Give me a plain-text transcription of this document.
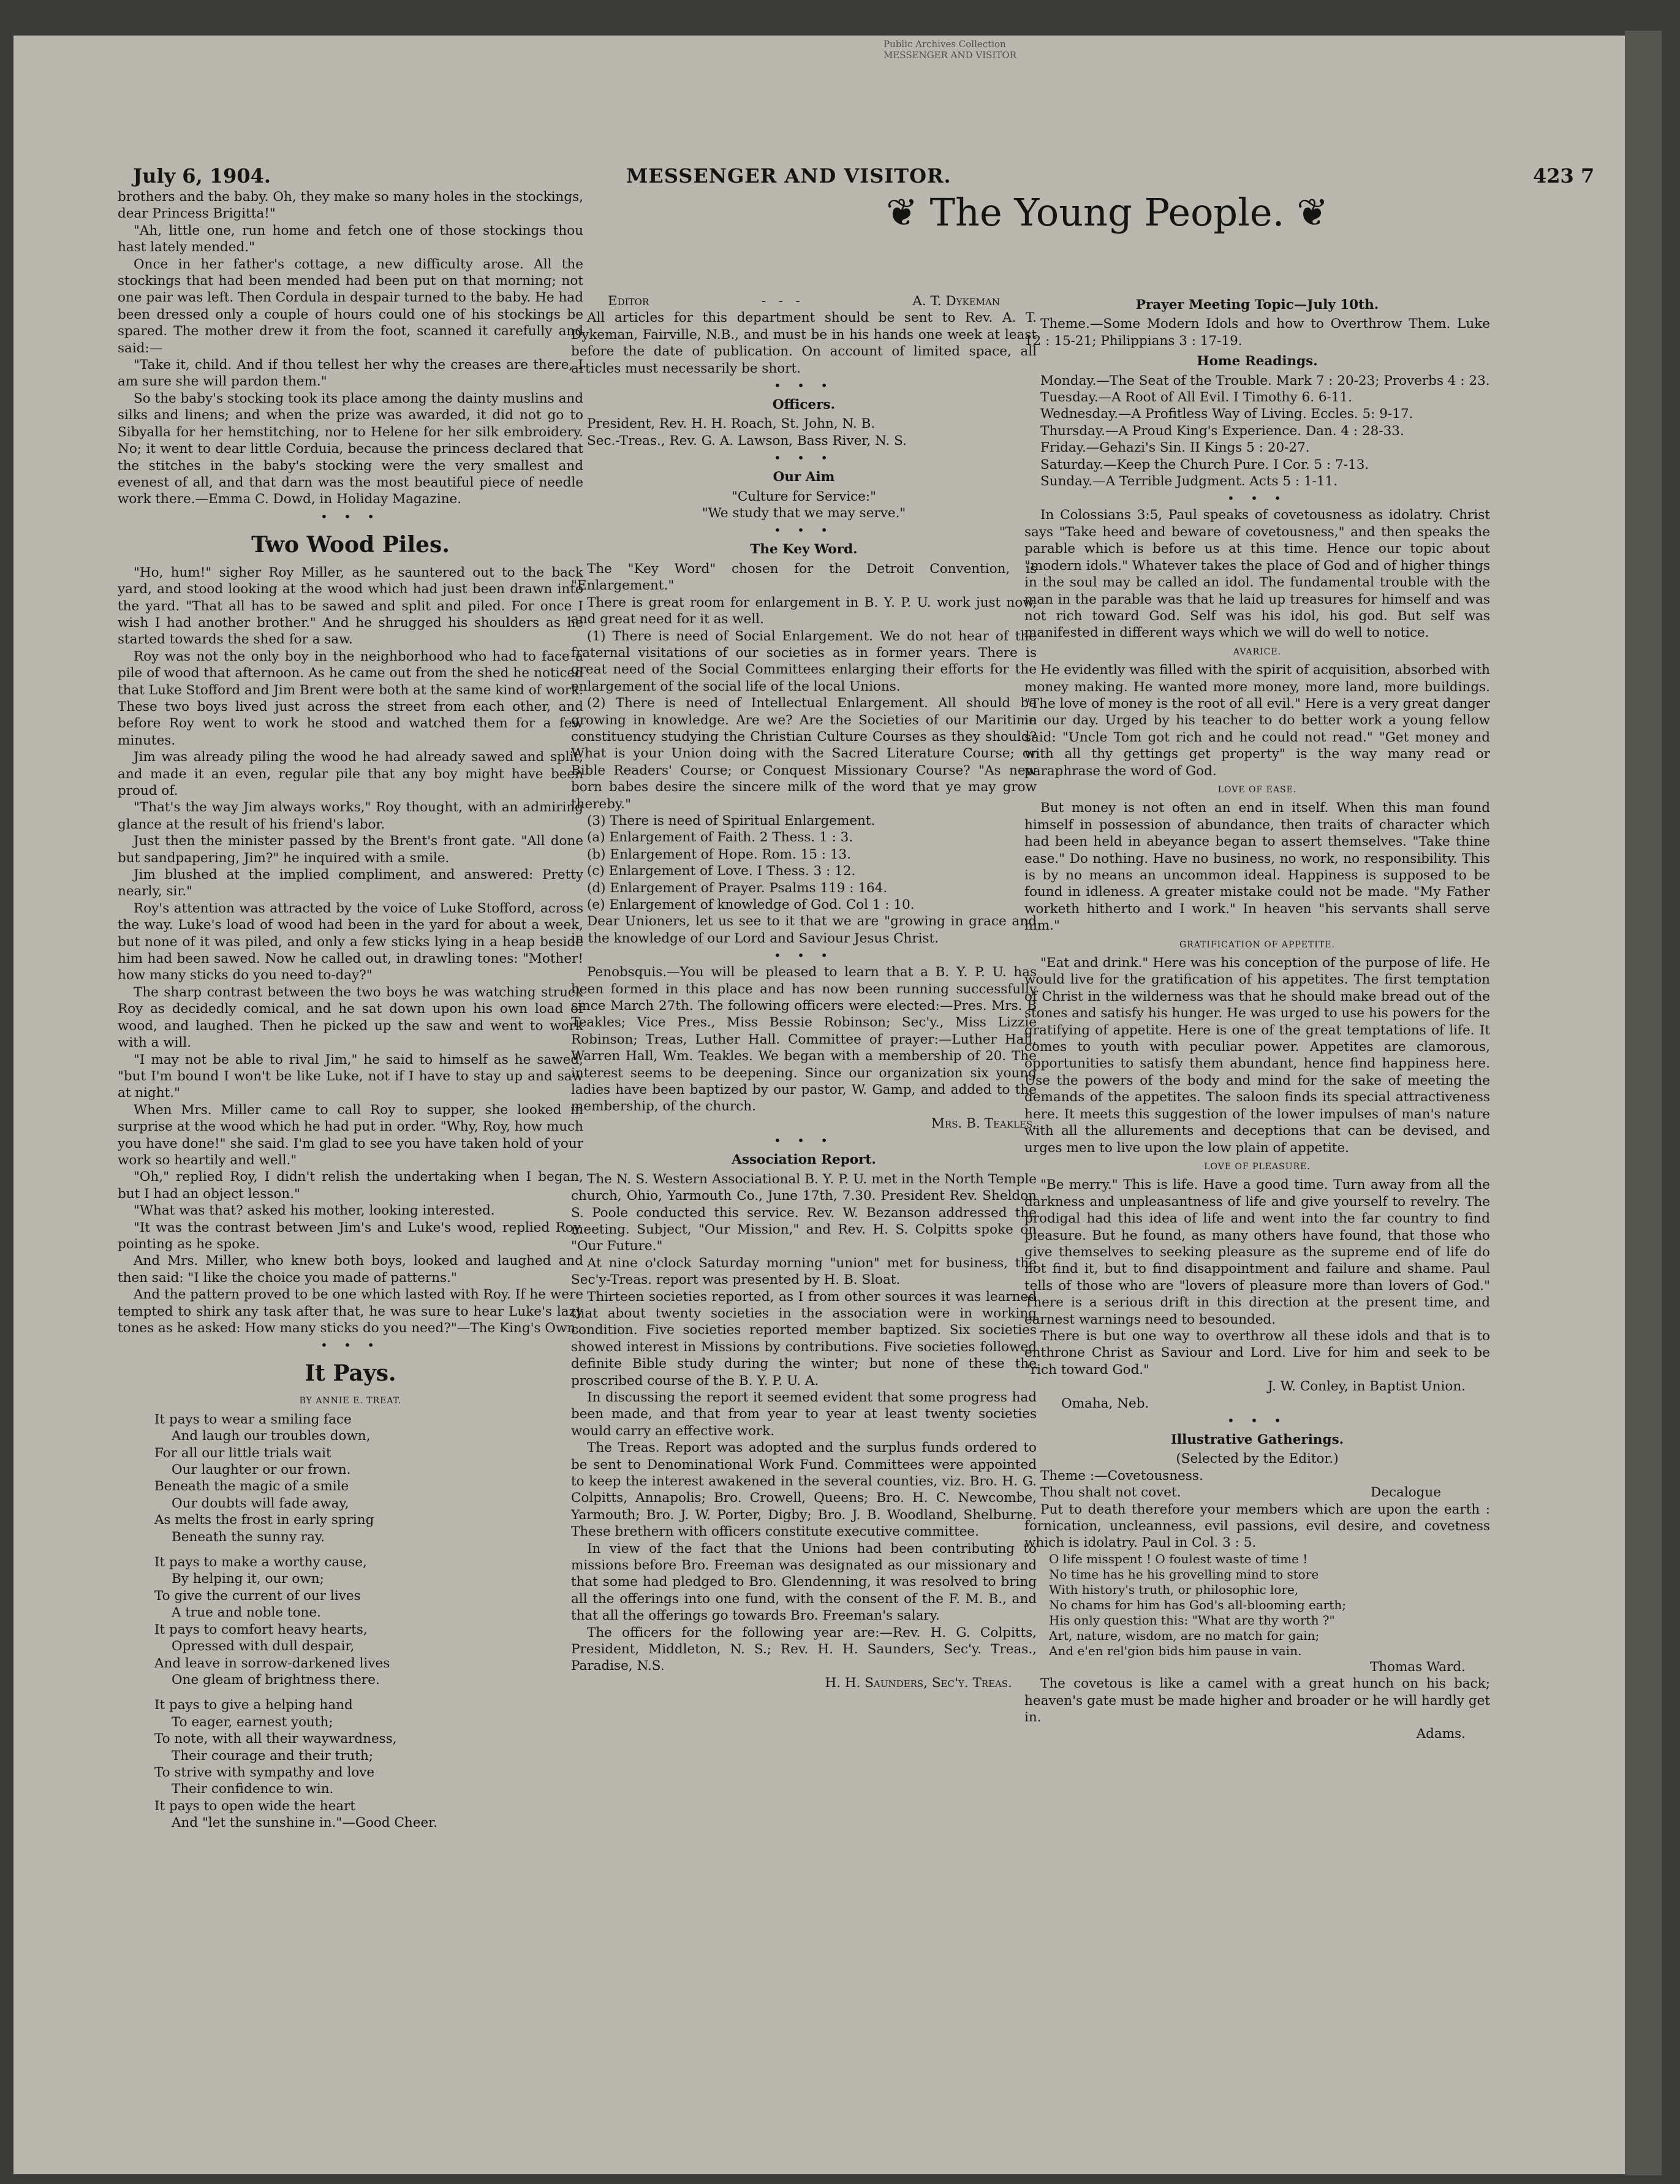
Public Archives Collection
MESSENGER AND VISITOR
July 6, 1904.	MESSENGER AND VISITOR.	423 7
❦ The Young People. ❦

brothers and the baby. Oh, they make so many holes in the stockings, dear Princess Brigitta!"

"Ah, little one, run home and fetch one of those stockings thou hast lately mended."

Once in her father's cottage, a new difficulty arose. All the stockings that had been mended had been put on that morning; not one pair was left. Then Cordula in despair turned to the baby. He had been dressed only a couple of hours could one of his stockings be spared. The mother drew it from the foot, scanned it carefully and said:—

"Take it, child. And if thou tellest her why the creases are there, I am sure she will pardon them."

So the baby's stocking took its place among the dainty muslins and silks and linens; and when the prize was awarded, it did not go to Sibyalla for her hemstitching, nor to Helene for her silk embroidery. No; it went to dear little Corduia, because the princess declared that the stitches in the baby's stocking were the very smallest and evenest of all, and that darn was the most beautiful piece of needle work there.—Emma C. Dowd, in Holiday Magazine.

• • •
Two Wood Piles.

"Ho, hum!" sigher Roy Miller, as he sauntered out to the back yard, and stood looking at the wood which had just been drawn into the yard. "That all has to be sawed and split and piled. For once I wish I had another brother." And he shrugged his shoulders as he started towards the shed for a saw.

Roy was not the only boy in the neighborhood who had to face a pile of wood that afternoon. As he came out from the shed he noticed that Luke Stofford and Jim Brent were both at the same kind of work. These two boys lived just across the street from each other, and before Roy went to work he stood and watched them for a few minutes.

Jim was already piling the wood he had already sawed and split, and made it an even, regular pile that any boy might have been proud of.

"That's the way Jim always works," Roy thought, with an admiring glance at the result of his friend's labor.

Just then the minister passed by the Brent's front gate. "All done but sandpapering, Jim?" he inquired with a smile.

Jim blushed at the implied compliment, and answered: Pretty nearly, sir."

Roy's attention was attracted by the voice of Luke Stofford, across the way. Luke's load of wood had been in the yard for about a week, but none of it was piled, and only a few sticks lying in a heap beside him had been sawed. Now he called out, in drawling tones: "Mother! how many sticks do you need to-day?"

The sharp contrast between the two boys he was watching struck Roy as decidedly comical, and he sat down upon his own load of wood, and laughed. Then he picked up the saw and went to work with a will.

"I may not be able to rival Jim," he said to himself as he sawed, "but I'm bound I won't be like Luke, not if I have to stay up and saw at night."

When Mrs. Miller came to call Roy to supper, she looked in surprise at the wood which he had put in order. "Why, Roy, how much you have done!" she said. I'm glad to see you have taken hold of your work so heartily and well."

"Oh," replied Roy, I didn't relish the undertaking when I began, but I had an object lesson."

"What was that? asked his mother, looking interested.

"It was the contrast between Jim's and Luke's wood, replied Roy, pointing as he spoke.

And Mrs. Miller, who knew both boys, looked and laughed and then said: "I like the choice you made of patterns."

And the pattern proved to be one which lasted with Roy. If he were tempted to shirk any task after that, he was sure to hear Luke's lazy tones as he asked: How many sticks do you need?"—The King's Own.

• • •
It Pays.
BY ANNIE E. TREAT.
It pays to wear a smiling face
And laugh our troubles down,
For all our little trials wait
Our laughter or our frown.
Beneath the magic of a smile
Our doubts will fade away,
As melts the frost in early spring
Beneath the sunny ray.
It pays to make a worthy cause,
By helping it, our own;
To give the current of our lives
A true and noble tone.
It pays to comfort heavy hearts,
Opressed with dull despair,
And leave in sorrow-darkened lives
One gleam of brightness there.
It pays to give a helping hand
To eager, earnest youth;
To note, with all their waywardness,
Their courage and their truth;
To strive with sympathy and love
Their confidence to win.
It pays to open wide the heart
And "let the sunshine in."—Good Cheer.
Editor	-   -   -	A. T. Dykeman

All articles for this department should be sent to Rev. A. T. Dykeman, Fairville, N.B., and must be in his hands one week at least before the date of publication. On account of limited space, all articles must necessarily be short.

• • •
Officers.

President, Rev. H. H. Roach, St. John, N. B.

Sec.-Treas., Rev. G. A. Lawson, Bass River, N. S.

• • •
Our Aim
"Culture for Service:"
"We study that we may serve."
• • •
The Key Word.

The "Key Word" chosen for the Detroit Convention, is "Enlargement."

There is great room for enlargement in B. Y. P. U. work just now, and great need for it as well.

(1) There is need of Social Enlargement. We do not hear of the fraternal visitations of our societies as in former years. There is great need of the Social Committees enlarging their efforts for the enlargement of the social life of the local Unions.

(2) There is need of Intellectual Enlargement. All should be growing in knowledge. Are we? Are the Societies of our Maritime constituency studying the Christian Culture Courses as they should? What is your Union doing with the Sacred Literature Course; or Bible Readers' Course; or Conquest Missionary Course? "As new born babes desire the sincere milk of the word that ye may grow thereby."

(3) There is need of Spiritual Enlargement.

(a) Enlargement of Faith. 2 Thess. 1 : 3.

(b) Enlargement of Hope. Rom. 15 : 13.

(c) Enlargement of Love. I Thess. 3 : 12.

(d) Enlargement of Prayer. Psalms 119 : 164.

(e) Enlargement of knowledge of God. Col 1 : 10.

Dear Unioners, let us see to it that we are "growing in grace and in the knowledge of our Lord and Saviour Jesus Christ.

• • •

Penobsquis.—You will be pleased to learn that a B. Y. P. U. has been formed in this place and has now been running successfully since March 27th. The following officers were elected:—Pres. Mrs. B Teakles; Vice Pres., Miss Bessie Robinson; Sec'y., Miss Lizzie Robinson; Treas, Luther Hall. Committee of prayer:—Luther Hall, Warren Hall, Wm. Teakles. We began with a membership of 20. The interest seems to be deepening. Since our organization six young ladies have been baptized by our pastor, W. Gamp, and added to the membership, of the church.

Mrs. B. Teakles.
• • •
Association Report.

The N. S. Western Associational B. Y. P. U. met in the North Temple church, Ohio, Yarmouth Co., June 17th, 7.30. President Rev. Sheldon S. Poole conducted this service. Rev. W. Bezanson addressed the meeting. Subject, "Our Mission," and Rev. H. S. Colpitts spoke on "Our Future."

At nine o'clock Saturday morning "union" met for business, the Sec'y-Treas. report was presented by H. B. Sloat.

Thirteen societies reported, as I from other sources it was learned that about twenty societies in the association were in working condition. Five societies reported member baptized. Six societies showed interest in Missions by contributions. Five societies followed definite Bible study during the winter; but none of these the proscribed course of the B. Y. P. U. A.

In discussing the report it seemed evident that some progress had been made, and that from year to year at least twenty societies would carry an effective work.

The Treas. Report was adopted and the surplus funds ordered to be sent to Denominational Work Fund. Committees were appointed to keep the interest awakened in the several counties, viz. Bro. H. G. Colpitts, Annapolis; Bro. Crowell, Queens; Bro. H. C. Newcombe, Yarmouth; Bro. J. W. Porter, Digby; Bro. J. B. Woodland, Shelburne. These brethern with officers constitute executive committee.

In view of the fact that the Unions had been contributing to missions before Bro. Freeman was designated as our missionary and that some had pledged to Bro. Glendenning, it was resolved to bring all the offerings into one fund, with the consent of the F. M. B., and that all the offerings go towards Bro. Freeman's salary.

The officers for the following year are:—Rev. H. G. Colpitts, President, Middleton, N. S.; Rev. H. H. Saunders, Sec'y. Treas., Paradise, N.S.

H. H. Saunders, Sec'y. Treas.
Prayer Meeting Topic—July 10th.

Theme.—Some Modern Idols and how to Overthrow Them. Luke 12 : 15-21; Philippians 3 : 17-19.

Home Readings.

Monday.—The Seat of the Trouble. Mark 7 : 20-23; Proverbs 4 : 23.

Tuesday.—A Root of All Evil. I Timothy 6. 6-11.

Wednesday.—A Profitless Way of Living. Eccles. 5: 9-17.

Thursday.—A Proud King's Experience. Dan. 4 : 28-33.

Friday.—Gehazi's Sin. II Kings 5 : 20-27.

Saturday.—Keep the Church Pure. I Cor. 5 : 7-13.

Sunday.—A Terrible Judgment. Acts 5 : 1-11.

• • •

In Colossians 3:5, Paul speaks of covetousness as idolatry. Christ says "Take heed and beware of covetousness," and then speaks the parable which is before us at this time. Hence our topic about "modern idols." Whatever takes the place of God and of higher things in the soul may be called an idol. The fundamental trouble with the man in the parable was that he laid up treasures for himself and was not rich toward God. Self was his idol, his god. But self was manifested in different ways which we will do well to notice.

AVARICE.

He evidently was filled with the spirit of acquisition, absorbed with money making. He wanted more money, more land, more buildings. "The love of money is the root of all evil." Here is a very great danger in our day. Urged by his teacher to do better work a young fellow said: "Uncle Tom got rich and he could not read." "Get money and with all thy gettings get property" is the way many read or paraphrase the word of God.

LOVE OF EASE.

But money is not often an end in itself. When this man found himself in possession of abundance, then traits of character which had been held in abeyance began to assert themselves. "Take thine ease." Do nothing. Have no business, no work, no responsibility. This is by no means an uncommon ideal. Happiness is supposed to be found in idleness. A greater mistake could not be made. "My Father worketh hitherto and I work." In heaven "his servants shall serve him."

GRATIFICATION OF APPETITE.

"Eat and drink." Here was his conception of the purpose of life. He would live for the gratification of his appetites. The first temptation of Christ in the wilderness was that he should make bread out of the stones and satisfy his hunger. He was urged to use his powers for the gratifying of appetite. Here is one of the great temptations of life. It comes to youth with peculiar power. Appetites are clamorous, opportunities to satisfy them abundant, hence find happiness here. Use the powers of the body and mind for the sake of meeting the demands of the appetites. The saloon finds its special attractiveness here. It meets this suggestion of the lower impulses of man's nature with all the allurements and deceptions that can be devised, and urges men to live upon the low plain of appetite.

LOVE OF PLEASURE.

"Be merry." This is life. Have a good time. Turn away from all the darkness and unpleasantness of life and give yourself to revelry. The prodigal had this idea of life and went into the far country to find pleasure. But he found, as many others have found, that those who give themselves to seeking pleasure as the supreme end of life do not find it, but to find disappointment and failure and shame. Paul tells of those who are "lovers of pleasure more than lovers of God." There is a serious drift in this direction at the present time, and earnest warnings need to besounded.

There is but one way to overthrow all these idols and that is to enthrone Christ as Saviour and Lord. Live for him and seek to be "rich toward God."

J. W. Conley, in Baptist Union.

Omaha, Neb.

• • •
Illustrative Gatherings.
(Selected by the Editor.)

Theme :—Covetousness.

Thou shalt not covet.	Decalogue

Put to death therefore your members which are upon the earth : fornication, uncleanness, evil passions, evil desire, and covetness which is idolatry. Paul in Col. 3 : 5.

O life misspent ! O foulest waste of time !
No time has he his grovelling mind to store
With history's truth, or philosophic lore,
No chams for him has God's all-blooming earth;
His only question this: "What are thy worth ?"
Art, nature, wisdom, are no match for gain;
And e'en rel'gion bids him pause in vain.
Thomas Ward.

The covetous is like a camel with a great hunch on his back; heaven's gate must be made higher and broader or he will hardly get in.

Adams.
